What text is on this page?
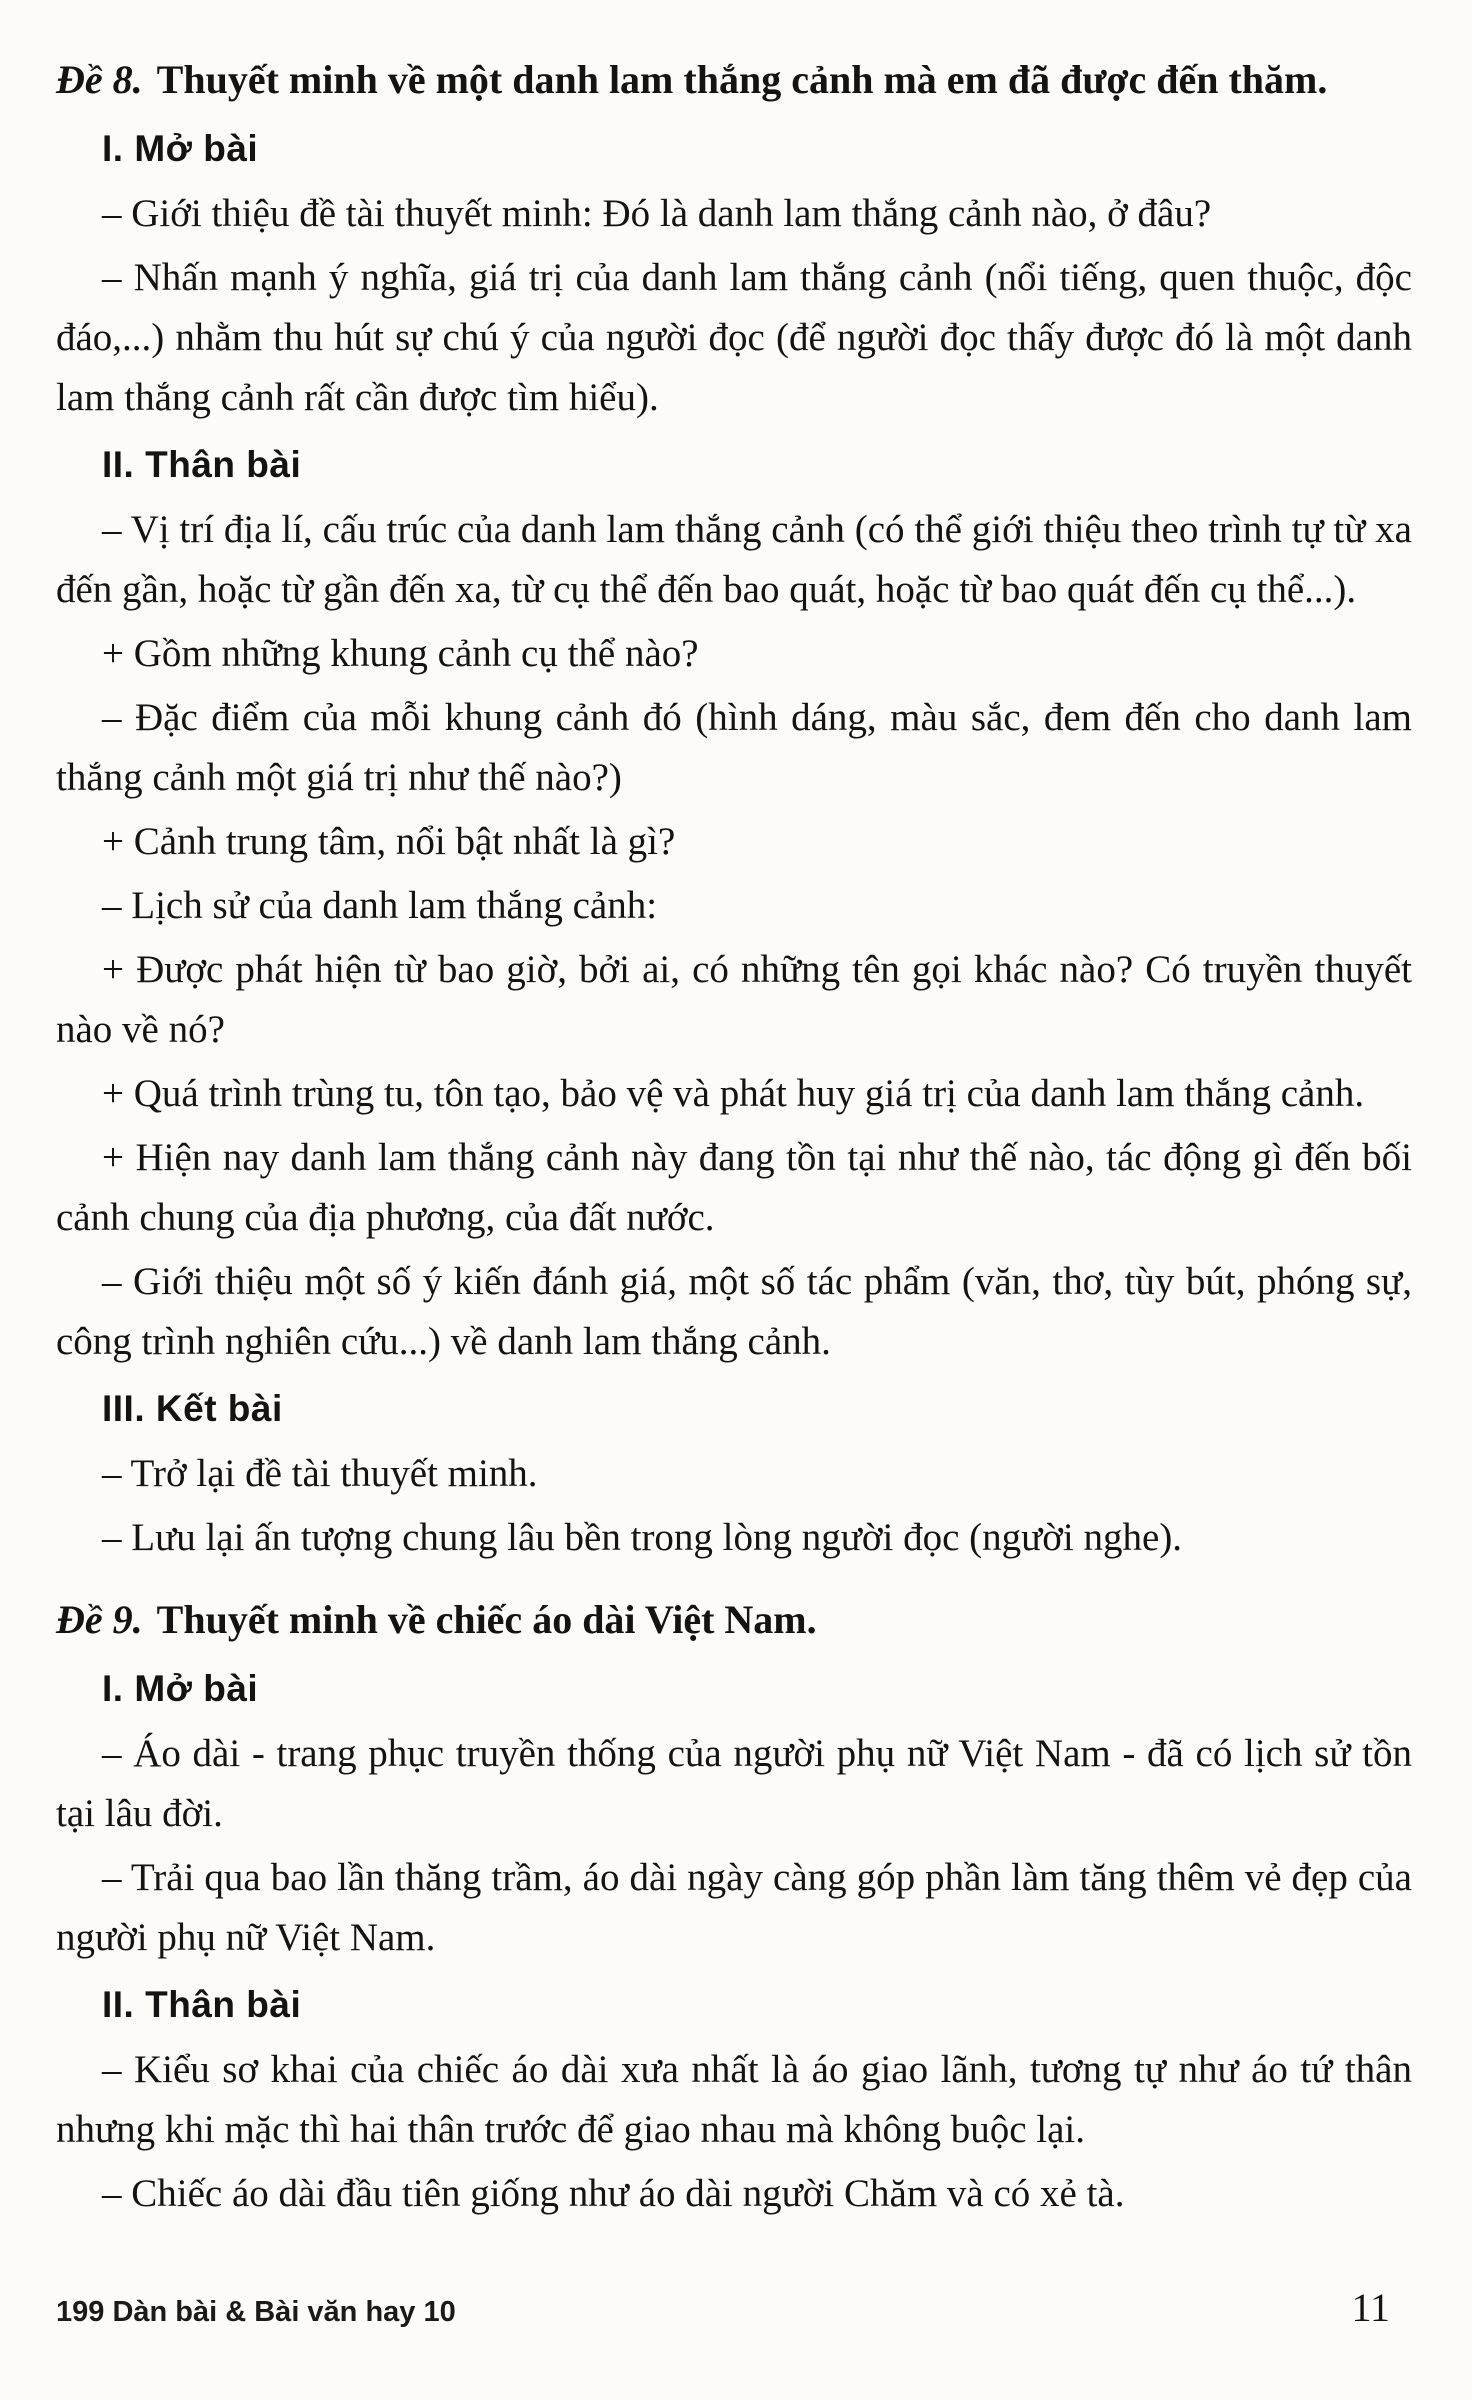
Đề 8. Thuyết minh về một danh lam thắng cảnh mà em đã được đến thăm.

I. Mở bài

– Giới thiệu đề tài thuyết minh: Đó là danh lam thắng cảnh nào, ở đâu?

– Nhấn mạnh ý nghĩa, giá trị của danh lam thắng cảnh (nổi tiếng, quen thuộc, độc đáo,...) nhằm thu hút sự chú ý của người đọc (để người đọc thấy được đó là một danh lam thắng cảnh rất cần được tìm hiểu).

II. Thân bài

– Vị trí địa lí, cấu trúc của danh lam thắng cảnh (có thể giới thiệu theo trình tự từ xa đến gần, hoặc từ gần đến xa, từ cụ thể đến bao quát, hoặc từ bao quát đến cụ thể...).

+ Gồm những khung cảnh cụ thể nào?

– Đặc điểm của mỗi khung cảnh đó (hình dáng, màu sắc, đem đến cho danh lam thắng cảnh một giá trị như thế nào?)

+ Cảnh trung tâm, nổi bật nhất là gì?

– Lịch sử của danh lam thắng cảnh:

+ Được phát hiện từ bao giờ, bởi ai, có những tên gọi khác nào? Có truyền thuyết nào về nó?

+ Quá trình trùng tu, tôn tạo, bảo vệ và phát huy giá trị của danh lam thắng cảnh.

+ Hiện nay danh lam thắng cảnh này đang tồn tại như thế nào, tác động gì đến bối cảnh chung của địa phương, của đất nước.

– Giới thiệu một số ý kiến đánh giá, một số tác phẩm (văn, thơ, tùy bút, phóng sự, công trình nghiên cứu...) về danh lam thắng cảnh.

III. Kết bài

– Trở lại đề tài thuyết minh.

– Lưu lại ấn tượng chung lâu bền trong lòng người đọc (người nghe).

Đề 9. Thuyết minh về chiếc áo dài Việt Nam.

I. Mở bài

– Áo dài - trang phục truyền thống của người phụ nữ Việt Nam - đã có lịch sử tồn tại lâu đời.

– Trải qua bao lần thăng trầm, áo dài ngày càng góp phần làm tăng thêm vẻ đẹp của người phụ nữ Việt Nam.

II. Thân bài

– Kiểu sơ khai của chiếc áo dài xưa nhất là áo giao lãnh, tương tự như áo tứ thân nhưng khi mặc thì hai thân trước để giao nhau mà không buộc lại.

– Chiếc áo dài đầu tiên giống như áo dài người Chăm và có xẻ tà.

199 Dàn bài & Bài văn hay 10	11
